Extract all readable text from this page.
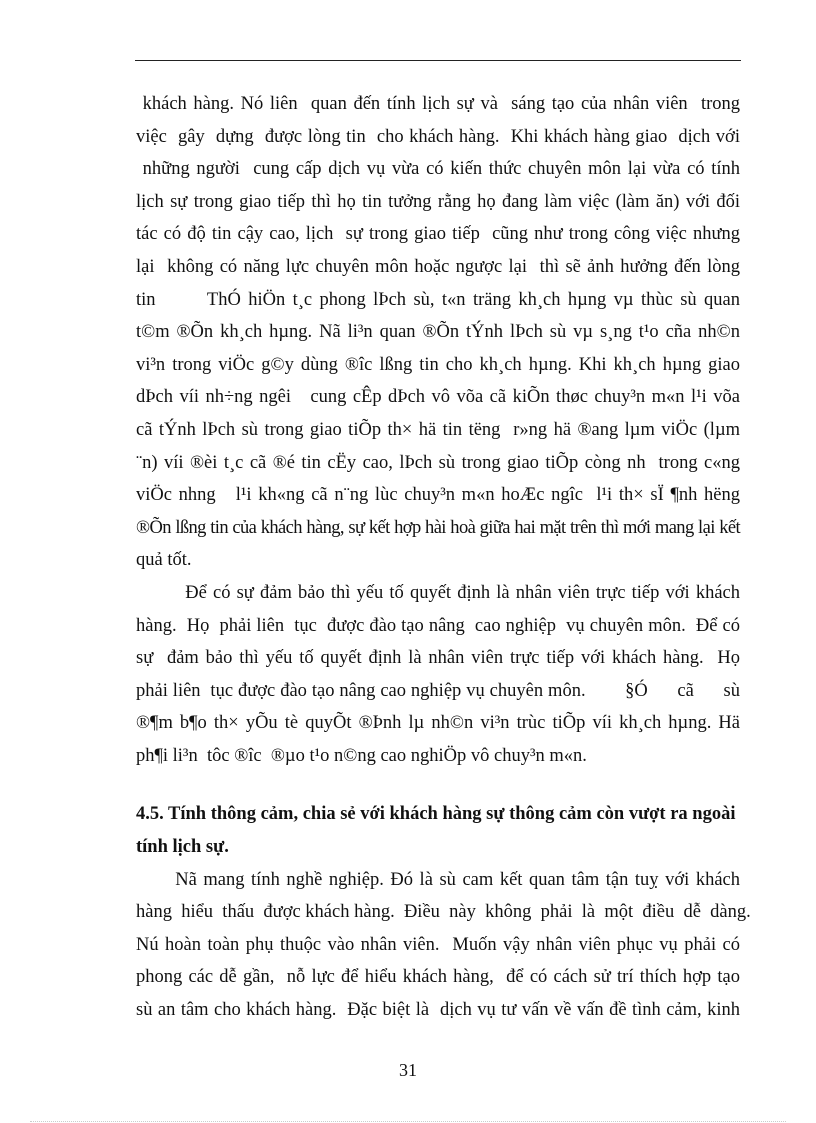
khách hàng. Nó liên  quan đến tính lịch sự và  sáng tạo của nhân viên  trong
việc  gây  dựng  được lòng tin  cho khách hàng.  Khi khách hàng giao  dịch với
những người  cung cấp dịch vụ vừa có kiến thức chuyên môn lại vừa có tính
lịch sự trong giao tiếp thì họ tin tưởng rằng họ đang làm việc (làm ăn) với đối
tác có độ tin cậy cao, lịch  sự trong giao tiếp  cũng như trong công việc nhưng
lại  không có năng lực chuyên môn hoặc ngược lại  thì sẽ ảnh hưởng đến lòng
tin       ThÓ hiÖn t¸c phong lÞch sù, t«n träng kh¸ch hµng vµ thùc sù quan
t©m ®Õn kh¸ch hµng. Nã li³n quan ®Õn tÝnh lÞch sù vµ s¸ng t¹o cña nh©n
vi³n trong viÖc g©y dùng ®îc lßng tin cho kh¸ch hµng. Khi kh¸ch hµng giao
dÞch víi nh÷ng ngêi   cung cÊp dÞch vô võa cã kiÕn thøc chuy³n m«n l¹i võa
cã tÝnh lÞch sù trong giao tiÕp th× hä tin tëng  r»ng hä ®ang lµm viÖc (lµm
¨n) víi ®èi t¸c cã ®é tin cËy cao, lÞch sù trong giao tiÕp còng nh  trong c«ng
viÖc nhng   l¹i kh«ng cã n¨ng lùc chuy³n m«n hoÆc ngîc  l¹i th× sÏ ¶nh hëng
®Õn lßng tin của khách hàng, sự kết hợp hài hoà giữa hai mặt trên thì mới mang lại kết
quả tốt.

Để có sự đảm bảo thì yếu tố quyết định là nhân viên trực tiếp với khách
hàng.  Họ  phải liên  tục  được đào tạo nâng  cao nghiệp  vụ chuyên môn.  Để có
sự  đảm bảo thì yếu tố quyết định là nhân viên trực tiếp với khách hàng.  Họ
phải liên  tục được đào tạo nâng cao nghiệp vụ chuyên môn.        §Ó      cã      sù
®¶m b¶o th× yÕu tè quyÕt ®Þnh lµ nh©n vi³n trùc tiÕp víi kh¸ch hµng. Hä
ph¶i li³n  tôc ®îc  ®µo t¹o n©ng cao nghiÖp vô chuy³n m«n.

4.5. Tính thông cảm, chia sẻ với khách hàng sự thông cảm còn vượt ra ngoài tính lịch sự.

Nã mang tính nghề nghiệp. Đó là sù cam kết quan tâm tận tuỵ với khách
hàng  hiểu  thấu  được khách hàng.  Điều  này  không  phải  là  một  điều  dễ  dàng.
Nú hoàn toàn phụ thuộc vào nhân viên.  Muốn vậy nhân viên phục vụ phải có
phong các dễ gần,  nỗ lực để hiểu khách hàng,  để có cách sử trí thích hợp tạo
sù an tâm cho khách hàng.  Đặc biệt là  dịch vụ tư vấn về vấn đề tình cảm, kinh

31
